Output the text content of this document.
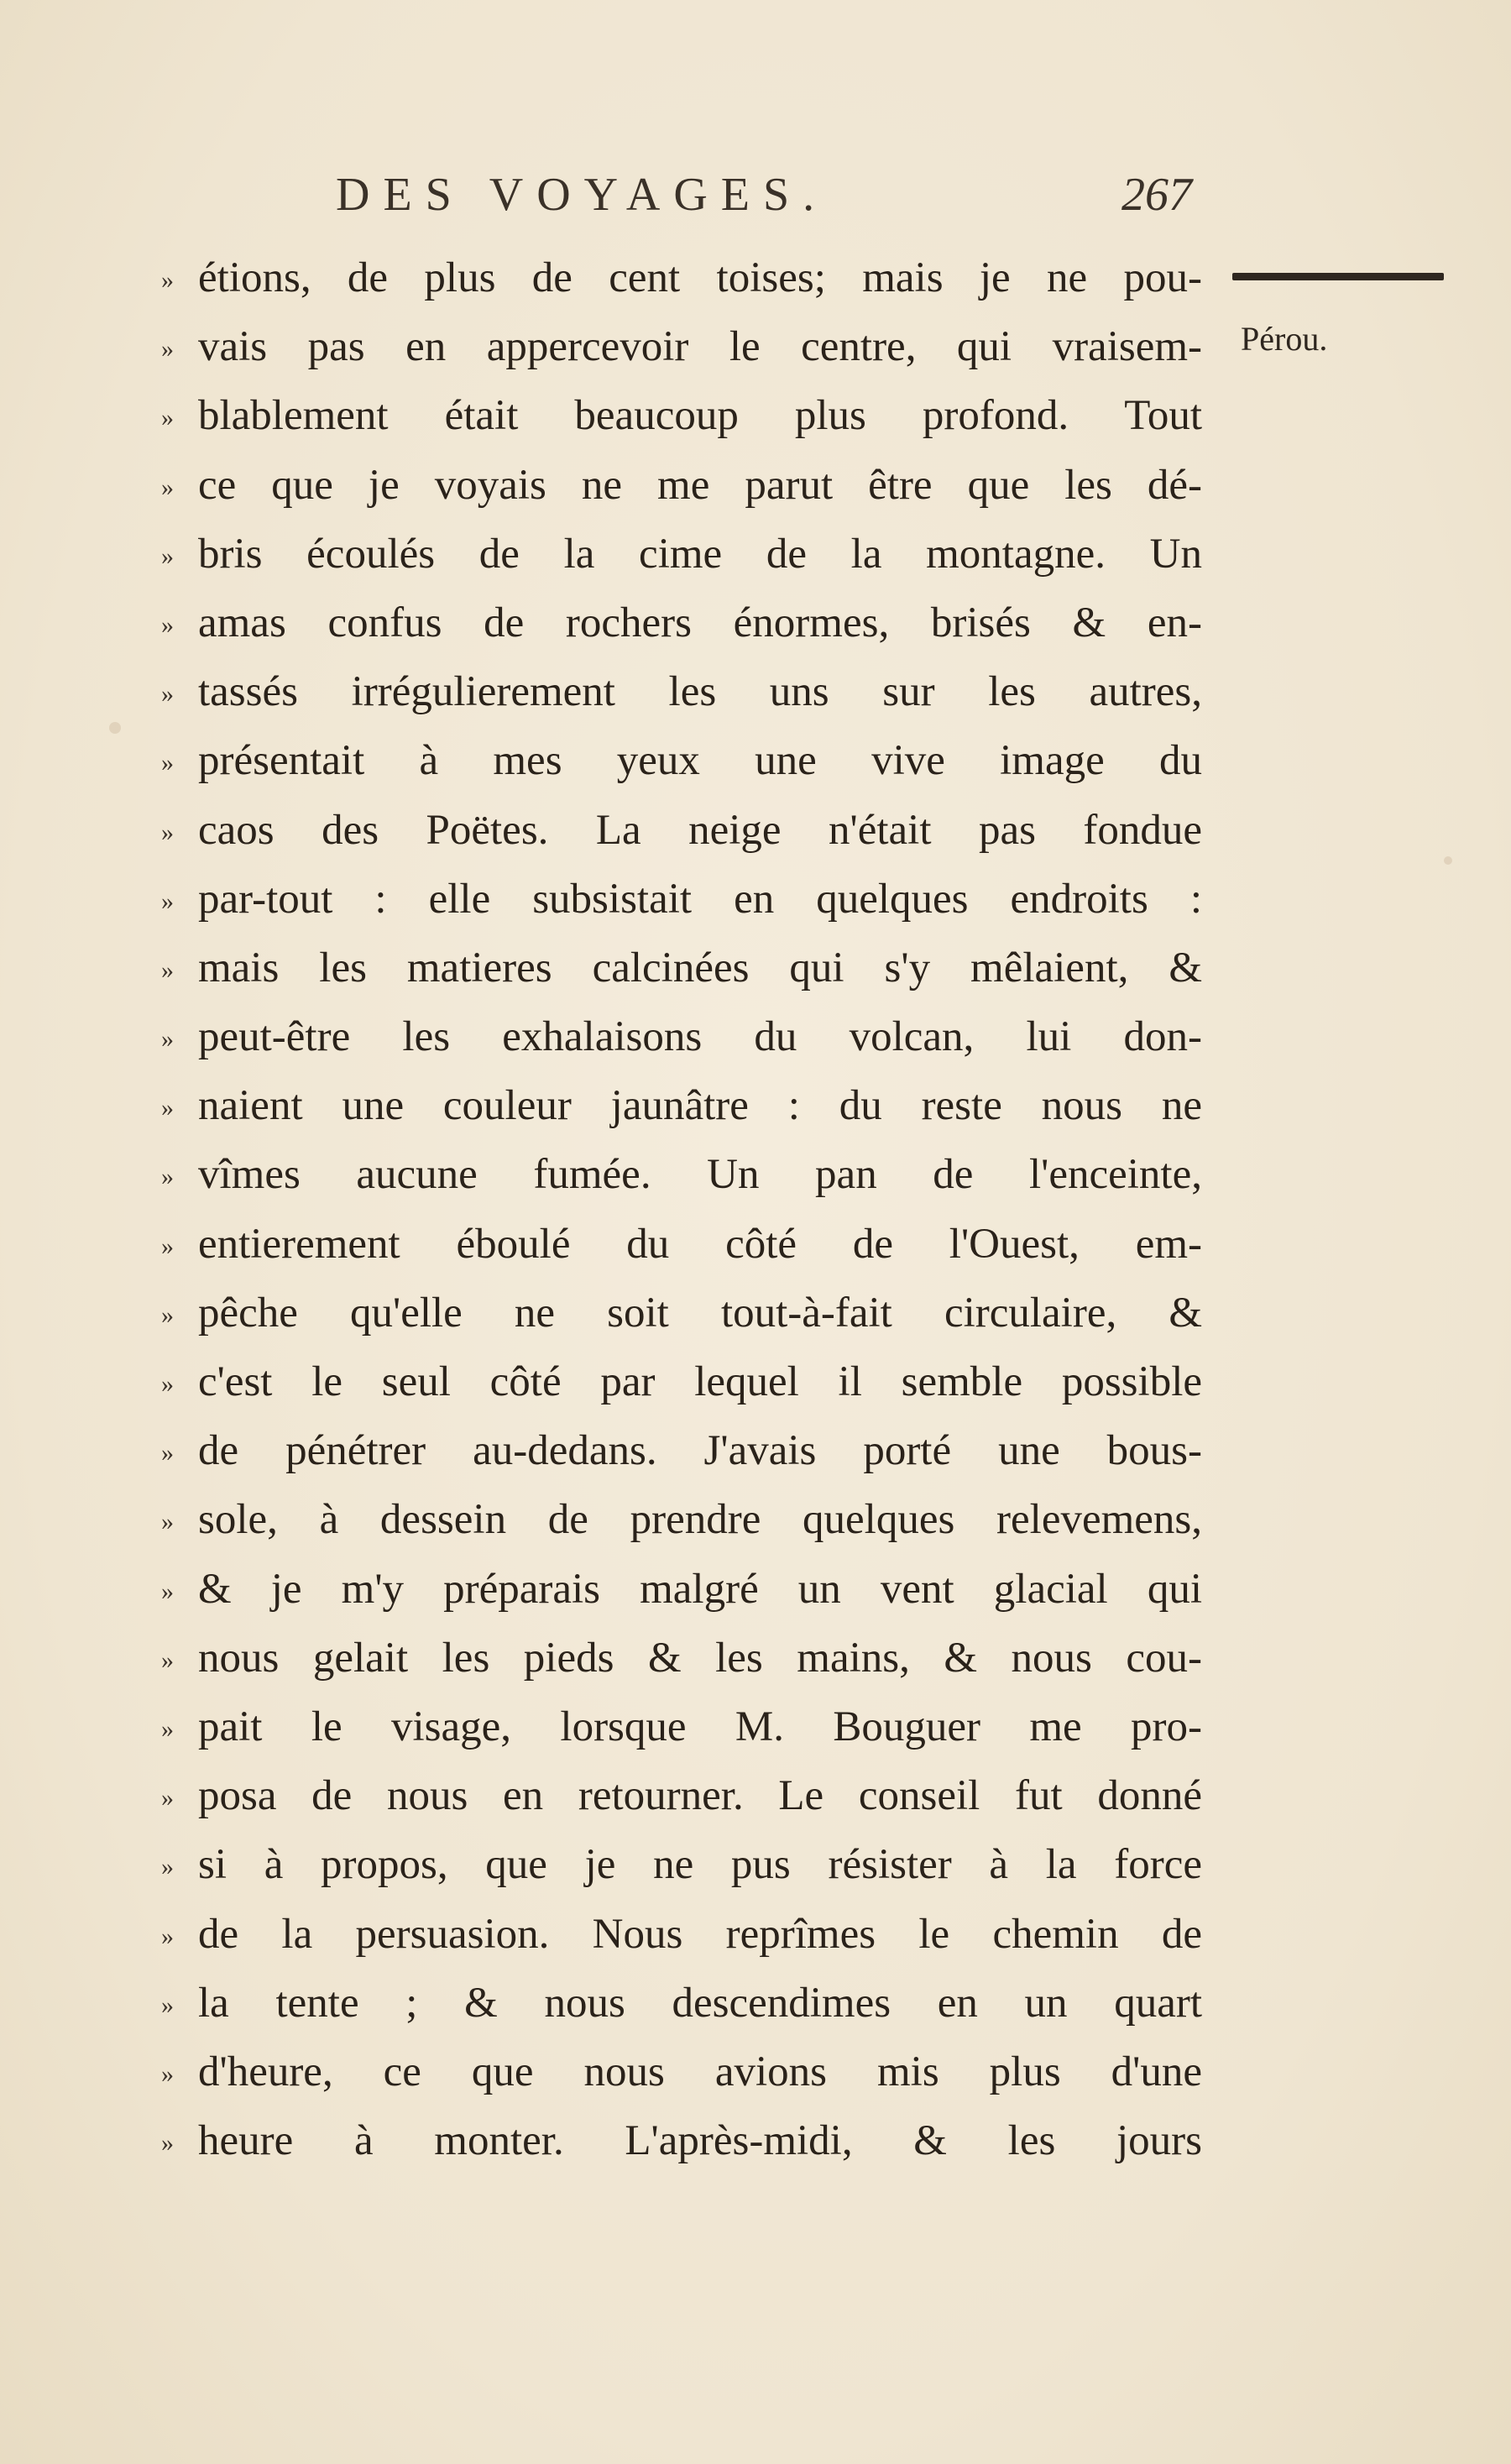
DES VOYAGES.	267
Pérou.
» étions, de plus de cent toises; mais je ne pou-
» vais pas en appercevoir le centre, qui vraisem-
» blablement était beaucoup plus profond. Tout
» ce que je voyais ne me parut être que les dé-
» bris écoulés de la cime de la montagne. Un
» amas confus de rochers énormes, brisés & en-
» tassés irrégulierement les uns sur les autres,
» présentait à mes yeux une vive image du
» caos des Poëtes. La neige n'était pas fondue
» par-tout : elle subsistait en quelques endroits :
» mais les matieres calcinées qui s'y mêlaient, &
» peut-être les exhalaisons du volcan, lui don-
» naient une couleur jaunâtre : du reste nous ne
» vîmes aucune fumée. Un pan de l'enceinte,
» entierement éboulé du côté de l'Ouest, em-
» pêche qu'elle ne soit tout-à-fait circulaire, &
» c'est le seul côté par lequel il semble possible
» de pénétrer au-dedans. J'avais porté une bous-
» sole, à dessein de prendre quelques relevemens,
» & je m'y préparais malgré un vent glacial qui
» nous gelait les pieds & les mains, & nous cou-
» pait le visage, lorsque M. Bouguer me pro-
» posa de nous en retourner. Le conseil fut donné
» si à propos, que je ne pus résister à la force
» de la persuasion. Nous reprîmes le chemin de
» la tente ; & nous descendimes en un quart
» d'heure, ce que nous avions mis plus d'une
» heure à monter. L'après-midi, & les jours
